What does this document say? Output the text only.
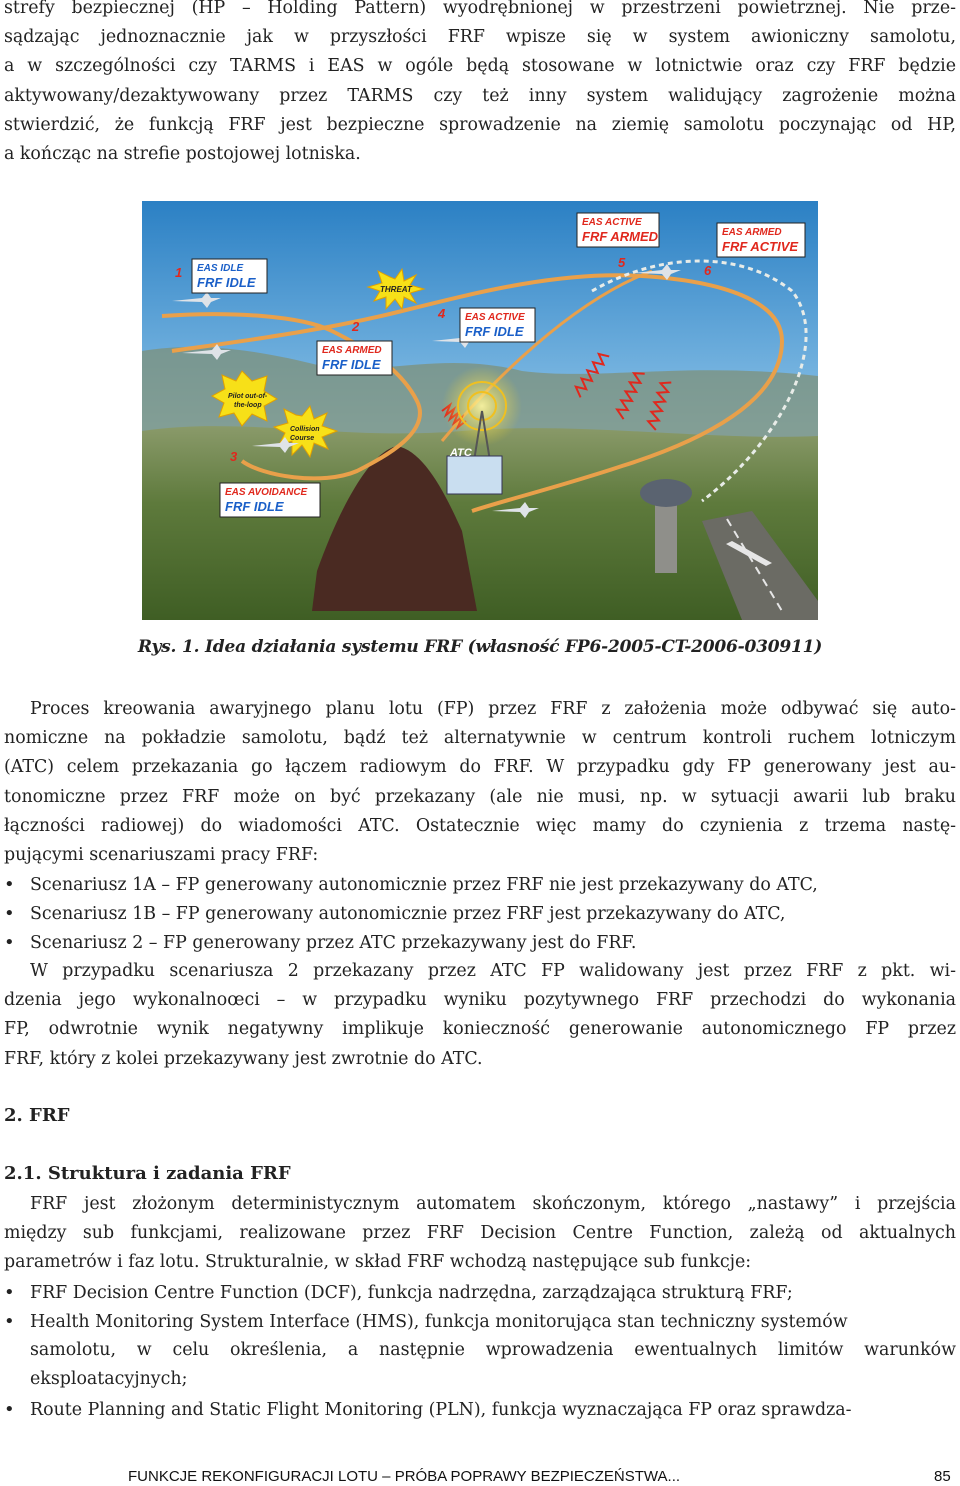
strefy bezpiecznej (HP – Holding Pattern) wyodrębnionej w przestrzeni powietrznej. Nie prze-
sądzając jednoznacznie jak w przyszłości FRF wpisze się w system awioniczny samolotu,
a w szczególności czy TARMS i EAS w ogóle będą stosowane w lotnictwie oraz czy FRF będzie
aktywowany/dezaktywowany przez TARMS czy też inny system walidujący zagrożenie można
stwierdzić, że funkcją FRF jest bezpieczne sprowadzenie na ziemię samolotu poczynając od HP,
a kończąc na strefie postojowej lotniska.
ATC
THREAT
Pilot out-of-
the-loop
Collision
Course
EAS IDLE
FRF IDLE
EAS ARMED
FRF IDLE
EAS AVOIDANCE
FRF IDLE
EAS ACTIVE
FRF IDLE
EAS ACTIVE
FRF ARMED	EAS ARMED
FRF ACTIVE
1
2
3
4
5
6
Rys. 1. Idea działania systemu FRF (własność FP6-2005-CT-2006-030911)
Proces kreowania awaryjnego planu lotu (FP) przez FRF z założenia może odbywać się auto-
nomiczne na pokładzie samolotu, bądź też alternatywnie w centrum kontroli ruchem lotniczym
(ATC) celem przekazania go łączem radiowym do FRF. W przypadku gdy FP generowany jest au-
tonomiczne przez FRF może on być przekazany (ale nie musi, np. w sytuacji awarii lub braku
łączności radiowej) do wiadomości ATC. Ostatecznie więc mamy do czynienia z trzema nastę-
pującymi scenariuszami pracy FRF:
•Scenariusz 1A – FP generowany autonomicznie przez FRF nie jest przekazywany do ATC,
•Scenariusz 1B – FP generowany autonomicznie przez FRF jest przekazywany do ATC,
•Scenariusz 2 – FP generowany przez ATC przekazywany jest do FRF.
W przypadku scenariusza 2 przekazany przez ATC FP walidowany jest przez FRF z pkt. wi-
dzenia jego wykonalnoœci – w przypadku wyniku pozytywnego FRF przechodzi do wykonania
FP, odwrotnie wynik negatywny implikuje konieczność generowanie autonomicznego FP przez
FRF, który z kolei przekazywany jest zwrotnie do ATC.
2. FRF
2.1. Struktura i zadania FRF
FRF jest złożonym deterministycznym automatem skończonym, którego „nastawy” i przejścia
między sub funkcjami, realizowane przez FRF Decision Centre Function, zależą od aktualnych
parametrów i faz lotu. Strukturalnie, w skład FRF wchodzą następujące sub funkcje:
•FRF Decision Centre Function (DCF), funkcja nadrzędna, zarządzająca strukturą FRF;
•Health Monitoring System Interface (HMS), funkcja monitorująca stan techniczny systemów
samolotu, w celu określenia, a następnie wprowadzenia ewentualnych limitów warunków
eksploatacyjnych;
•Route Planning and Static Flight Monitoring (PLN), funkcja wyznaczająca FP oraz sprawdza-
FUNKCJE REKONFIGURACJI LOTU – PRÓBA POPRAWY BEZPIECZEŃSTWA...	85
